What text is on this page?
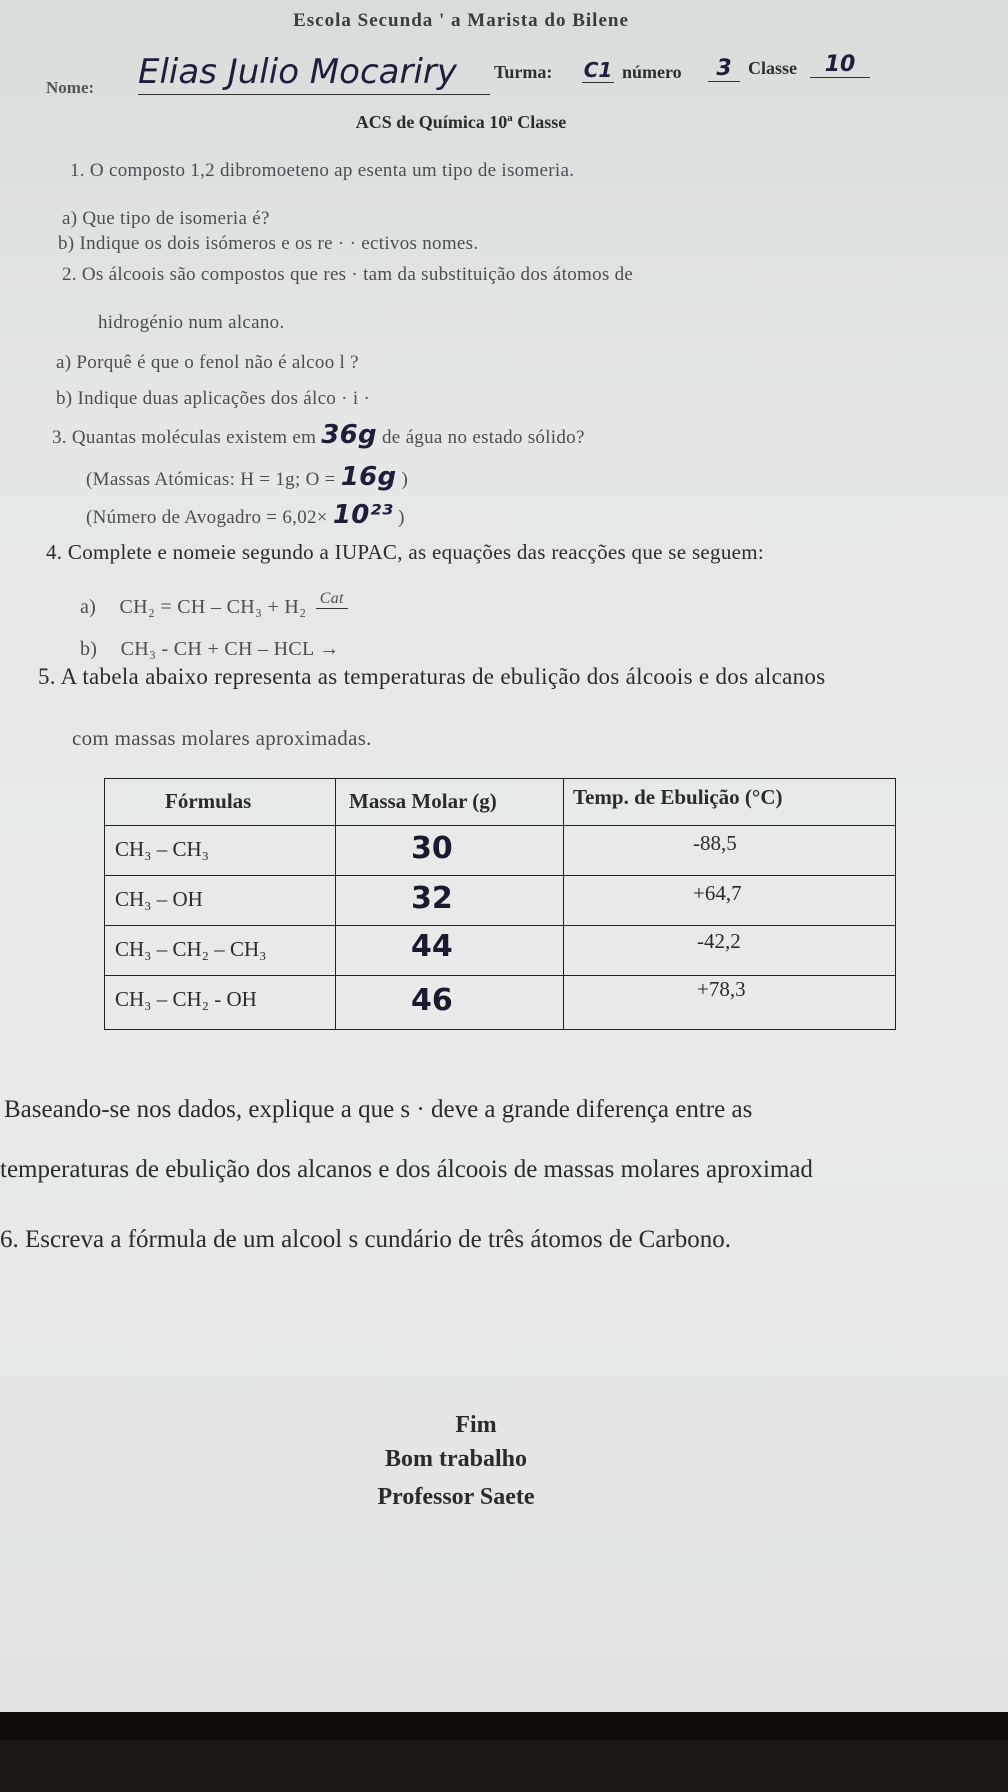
Escola Secunda ' a Marista do Bilene
Nome: Elias Julio Mocariry	Turma: C1 número	3 Classe	10
ACS de Química 10ª Classe
1. O composto 1,2 dibromoeteno ap esenta um tipo de isomeria.
a) Que tipo de isomeria é?
b) Indique os dois isómeros e os re · · ectivos nomes.
2. Os álcoois são compostos que res · tam da substituição dos átomos de
hidrogénio num alcano.
a) Porquê é que o fenol não é alcoo l ?
b) Indique duas aplicações dos álco · i ·
3. Quantas moléculas existem em 36g de água no estado sólido?
(Massas Atómicas: H = 1g; O = 16g )
(Número de Avogadro = 6,02× 10²³ )
4. Complete e nomeie segundo a IUPAC, as equações das reacções que se seguem:
a) CH₂ = CH – CH₃ + H₂ Cat
b) CH₃ - CH + CH – HCL →
5. A tabela abaixo representa as temperaturas de ebulição dos álcoois e dos alcanos
com massas molares aproximadas.
Fórmulas	Massa Molar (g)	Temp. de Ebulição (°C)
CH₃ – CH₃	30	-88,5
CH₃ – OH	32	+64,7
CH₃ – CH₂ – CH₃	44	-42,2
CH₃ – CH₂ - OH	46	+78,3
Baseando-se nos dados, explique a que s · deve a grande diferença entre as
temperaturas de ebulição dos alcanos e dos álcoois de massas molares aproximad
6. Escreva a fórmula de um alcool s cundário de três átomos de Carbono.
Fim
Bom trabalho
Professor Saete
